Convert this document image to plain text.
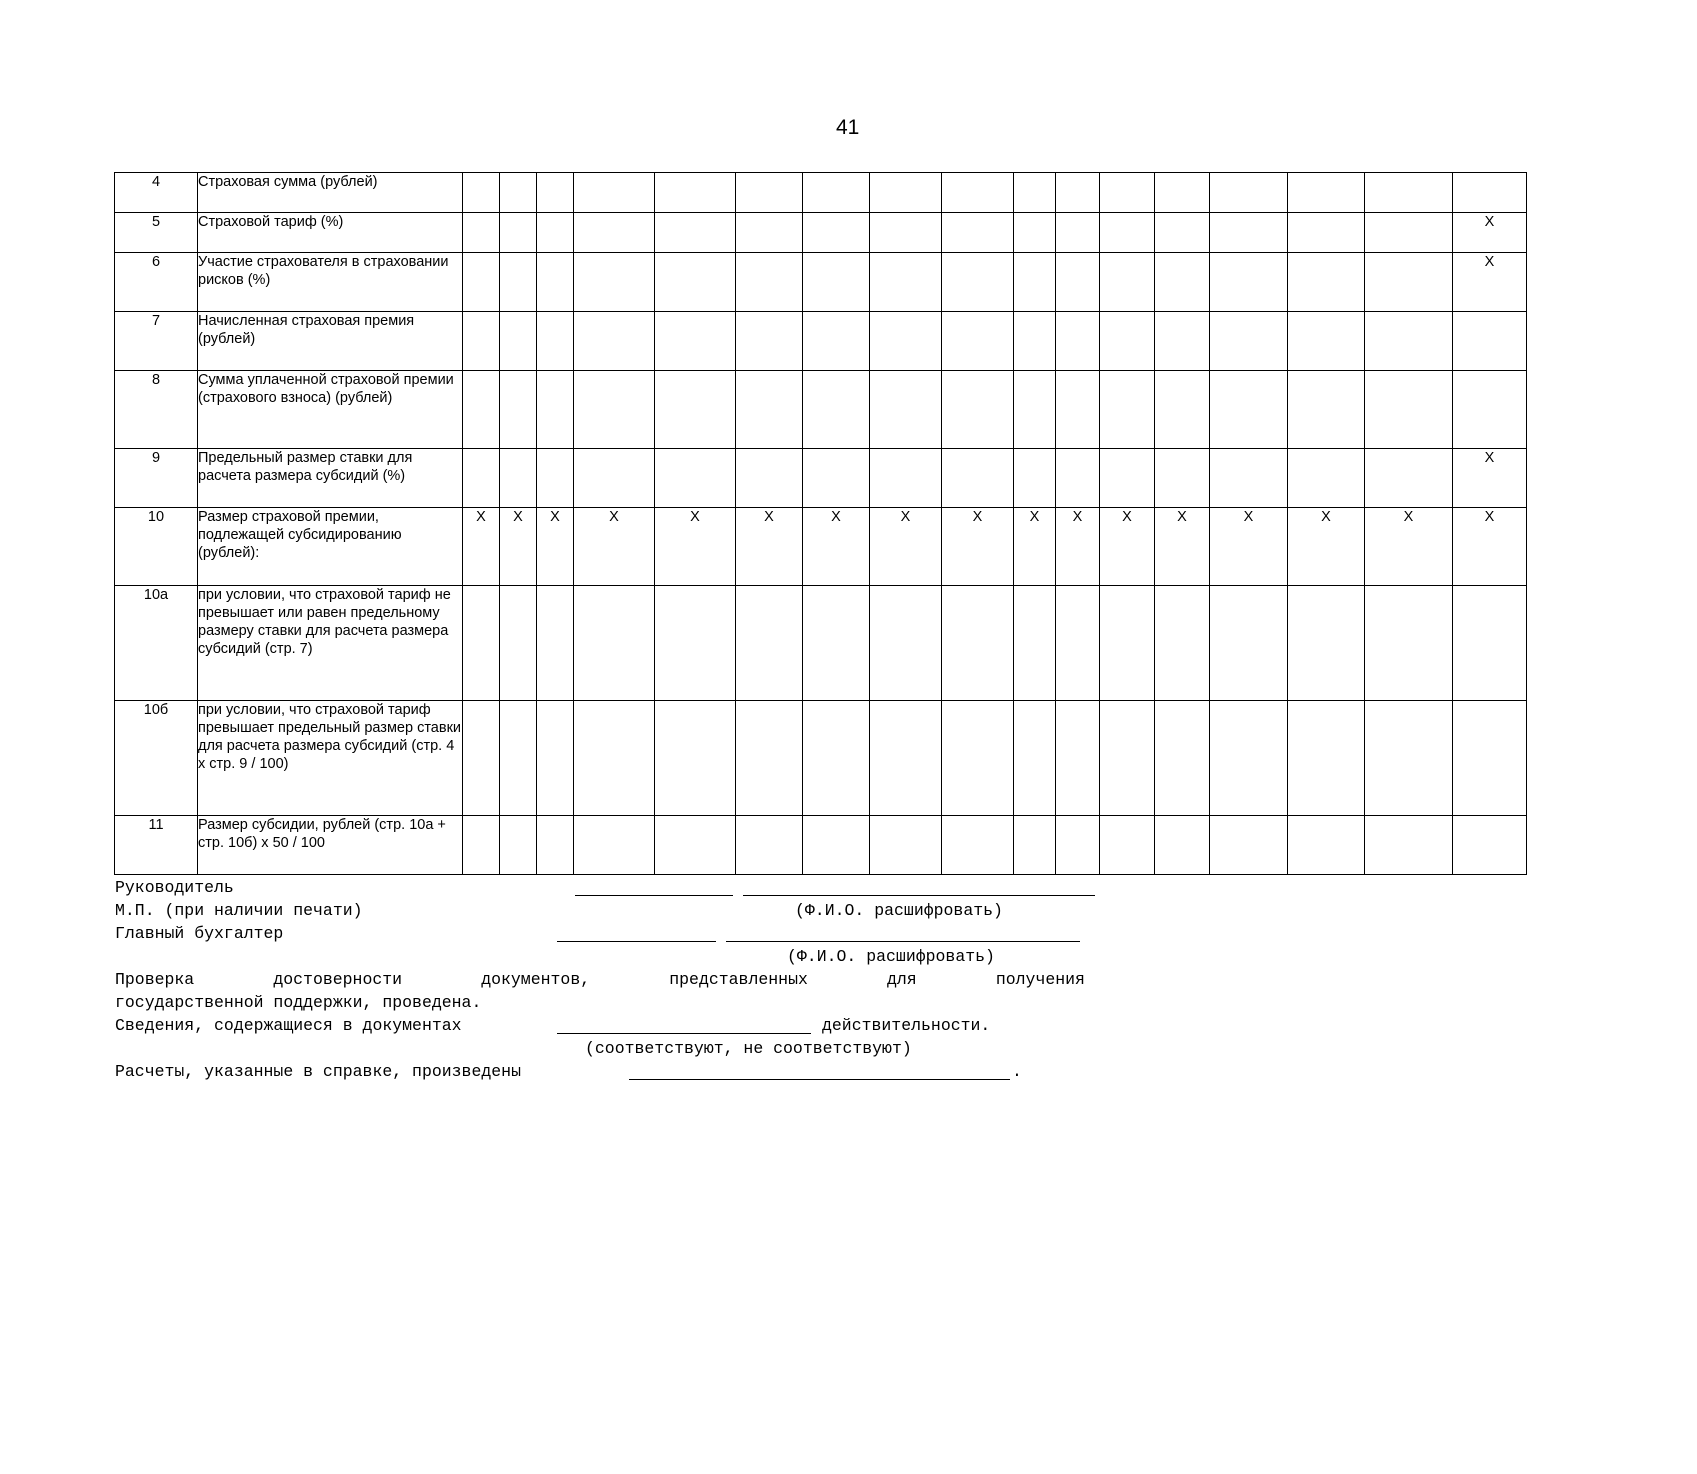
41
4	Страховая сумма (рублей)																	
5	Страховой тариф (%)																	X
6	Участие страхователя в страховании рисков (%)																	X
7	Начисленная страховая премия (рублей)																	
8	Сумма уплаченной страховой премии (страхового взноса) (рублей)																	
9	Предельный размер ставки для расчета размера субсидий (%)																	X
10	Размер страховой премии, подлежащей субсидированию (рублей):	X	X	X	X	X	X	X	X	X	X	X	X	X	X	X	X	X
10а	при условии, что страховой тариф не превышает или равен предельному размеру ставки для расчета размера субсидий (стр. 7)																	
10б	при условии, что страховой тариф превышает предельный размер ставки для расчета размера субсидий (стр. 4 x стр. 9 / 100)																	
11	Размер субсидии, рублей (стр. 10а + стр. 10б) x 50 / 100																	

Руководитель

М.П. (при наличии печати)

	(Ф.И.О. расшифровать)

Главный бухгалтер

(Ф.И.О. расшифровать)

Проверка	достоверности	документов,	представленных	для	получения

государственной поддержки, проведена.

Сведения, содержащиеся в документах

	действительности.

(соответствуют, не соответствуют)

Расчеты, указанные в справке, произведены

	.
